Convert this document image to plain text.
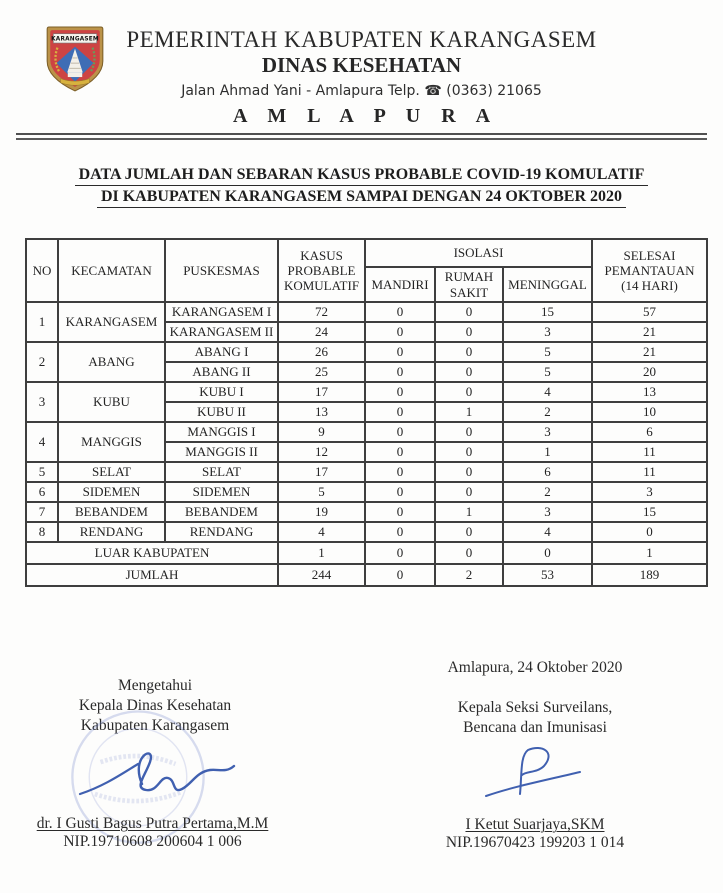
PEMERINTAH KABUPATEN KARANGASEM
DINAS KESEHATAN
Jalan Ahmad Yani - Amlapura Telp. ☎ (0363) 21065
A M L A P U R A
KARANGASEM
DATA JUMLAH DAN SEBARAN KASUS PROBABLE COVID-19 KOMULATIF
DI KABUPATEN KARANGASEM SAMPAI DENGAN 24 OKTOBER 2020
NO	KECAMATAN	PUSKESMAS	KASUS PROBABLE KOMULATIF	ISOLASI			SELESAI PEMANTAUAN (14 HARI)
				MANDIRI	RUMAH SAKIT	MENINGGAL	
1	KARANGASEM	KARANGASEM I	72	0	0	15	57
		KARANGASEM II	24	0	0	3	21
2	ABANG	ABANG I	26	0	0	5	21
		ABANG II	25	0	0	5	20
3	KUBU	KUBU I	17	0	0	4	13
		KUBU II	13	0	1	2	10
4	MANGGIS	MANGGIS I	9	0	0	3	6
		MANGGIS II	12	0	0	1	11
5	SELAT	SELAT	17	0	0	6	11
6	SIDEMEN	SIDEMEN	5	0	0	2	3
7	BEBANDEM	BEBANDEM	19	0	1	3	15
8	RENDANG	RENDANG	4	0	0	4	0
LUAR KABUPATEN			1	0	0	0	1
JUMLAH			244	0	2	53	189
Amlapura, 24 Oktober 2020
Mengetahui
Kepala Dinas Kesehatan
Kabupaten Karangasem
Kepala Seksi Surveilans,
Bencana dan Imunisasi
dr. I Gusti Bagus Putra Pertama,M.M
NIP.19710608 200604 1 006
I Ketut Suarjaya,SKM
NIP.19670423 199203 1 014
